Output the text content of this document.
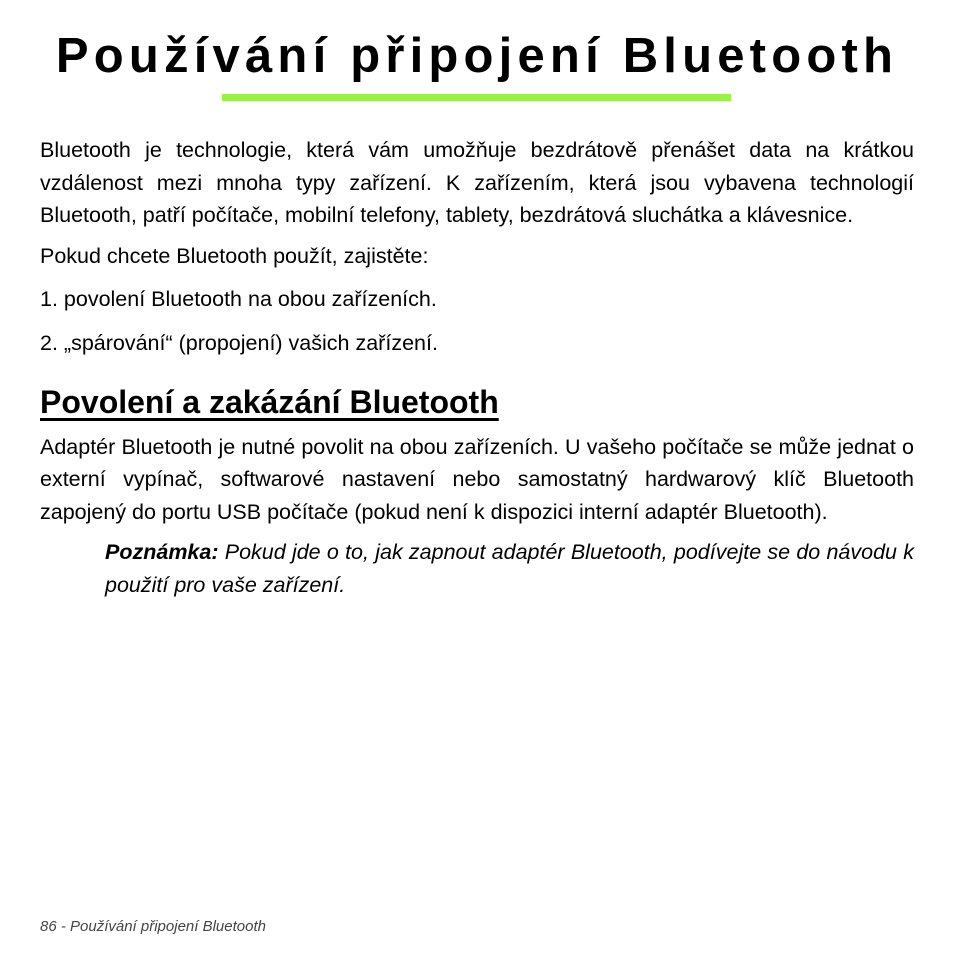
Používání připojení Bluetooth

Bluetooth je technologie, která vám umožňuje bezdrátově přenášet data na krátkou vzdálenost mezi mnoha typy zařízení. K zařízením, která jsou vybavena technologií Bluetooth, patří počítače, mobilní telefony, tablety, bezdrátová sluchátka a klávesnice.

Pokud chcete Bluetooth použít, zajistěte:

1. povolení Bluetooth na obou zařízeních.

2. „spárování“ (propojení) vašich zařízení.

Povolení a zakázání Bluetooth

Adaptér Bluetooth je nutné povolit na obou zařízeních. U vašeho počítače se může jednat o externí vypínač, softwarové nastavení nebo samostatný hardwarový klíč Bluetooth zapojený do portu USB počítače (pokud není k dispozici interní adaptér Bluetooth).

Poznámka: Pokud jde o to, jak zapnout adaptér Bluetooth, podívejte se do návodu k použití pro vaše zařízení.

86 - Používání připojení Bluetooth
